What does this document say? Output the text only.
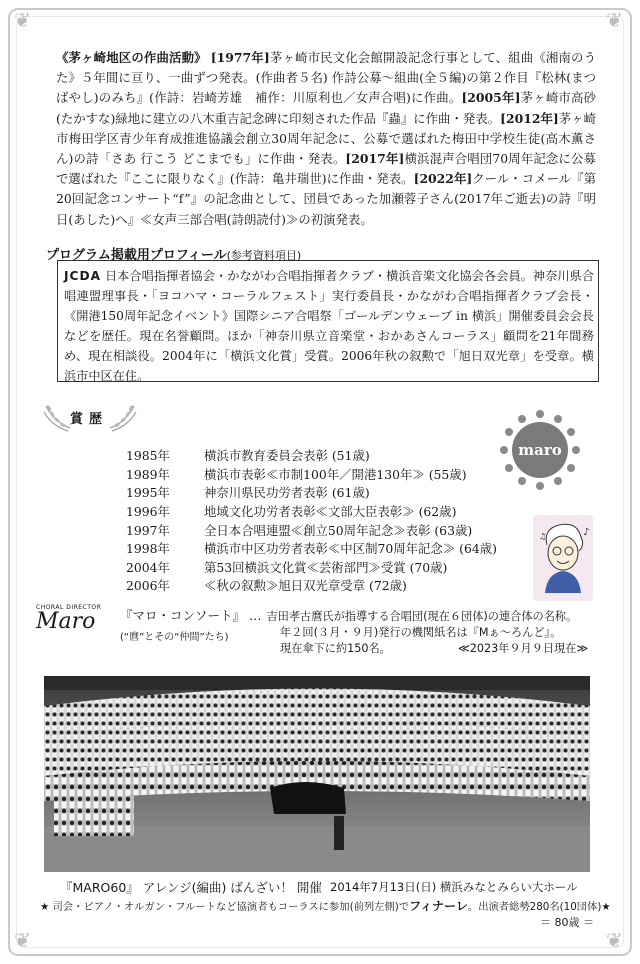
❦	❦
❦	❦
《茅ヶ崎地区の作曲活動》 [1977年]茅ヶ崎市民文化会館開設記念行事として、組曲《湘南のうた》５年間に亘り、一曲ずつ発表。(作曲者５名) 作詩公募～組曲(全５編)の第２作目『松林(まつばやし)のみち』(作詩：岩崎芳雄　補作：川原利也／女声合唱)に作曲。[2005年]茅ヶ崎市高砂(たかすな)緑地に建立の八木重吉記念碑に印刻された作品『蟲』に作曲・発表。[2012年]茅ヶ崎市梅田学区青少年育成推進協議会創立30周年記念に、公募で選ばれた梅田中学校生徒(高木薫さん)の詩「さあ 行こう どこまでも」に作曲・発表。[2017年]横浜混声合唱団70周年記念に公募で選ばれた『ここに限りなく』(作詩：亀井瑞世)に作曲・発表。[2022年]クール・コメール『第20回記念コンサート“f”』の記念曲として、団員であった加瀬蓉子さん(2017年ご逝去)の詩『明日(あした)へ』≪女声三部合唱(詩朗読付)≫の初演発表。
プログラム掲載用プロフィール(参考資料項目)
JCDA 日本合唱指揮者協会・かながわ合唱指揮者クラブ・横浜音楽文化協会各会員。神奈川県合唱連盟理事長・「ヨコハマ・コーラルフェスト」実行委員長・かながわ合唱指揮者クラブ会長・《開港150周年記念イベント》国際シニア合唱祭「ゴールデンウェーブ in 横浜」開催委員会会長などを歴任。現在名誉顧問。ほか「神奈川県立音楽堂・おかあさんコーラス」顧問を21年間務め、現在相談役。2004年に「横浜文化賞」受賞。2006年秋の叙勲で「旭日双光章」を受章。横浜市中区在住。
賞歴
1985年	横浜市教育委員会表彰 (51歳)
1989年	横浜市表彰≪市制100年／開港130年≫ (55歳)
1995年	神奈川県民功労者表彰 (61歳)
1996年	地域文化功労者表彰≪文部大臣表彰≫ (62歳)
1997年	全日本合唱連盟≪創立50周年記念≫表彰 (63歳)
1998年	横浜市中区功労者表彰≪中区制70周年記念≫ (64歳)
2004年	第53回横浜文化賞≪芸術部門≫受賞 (70歳)
2006年	≪秋の叙勲≫旭日双光章受章 (72歳)
maro
♪
♫
CHORAL DIRECTOR
Maro	『マロ・コンソート』 … 吉田孝古麿氏が指導する合唱団(現在６団体)の連合体の名称。
(“麿”とその“仲間”たち)	年２回(３月・９月)発行の機関紙名は『Mぁ～ろんど』。
現在傘下に約150名。	≪2023年９月９日現在≫
『MARO60』 アレンジ(編曲) ばんざい！ 開催 2014年7月13日(日) 横浜みなとみらい大ホール
★ 司会・ピアノ・オルガン・フルートなど協演者もコーラスに参加(前列左側)でフィナーレ。出演者総勢280名(10団体)★
＝ 80歳 ＝
